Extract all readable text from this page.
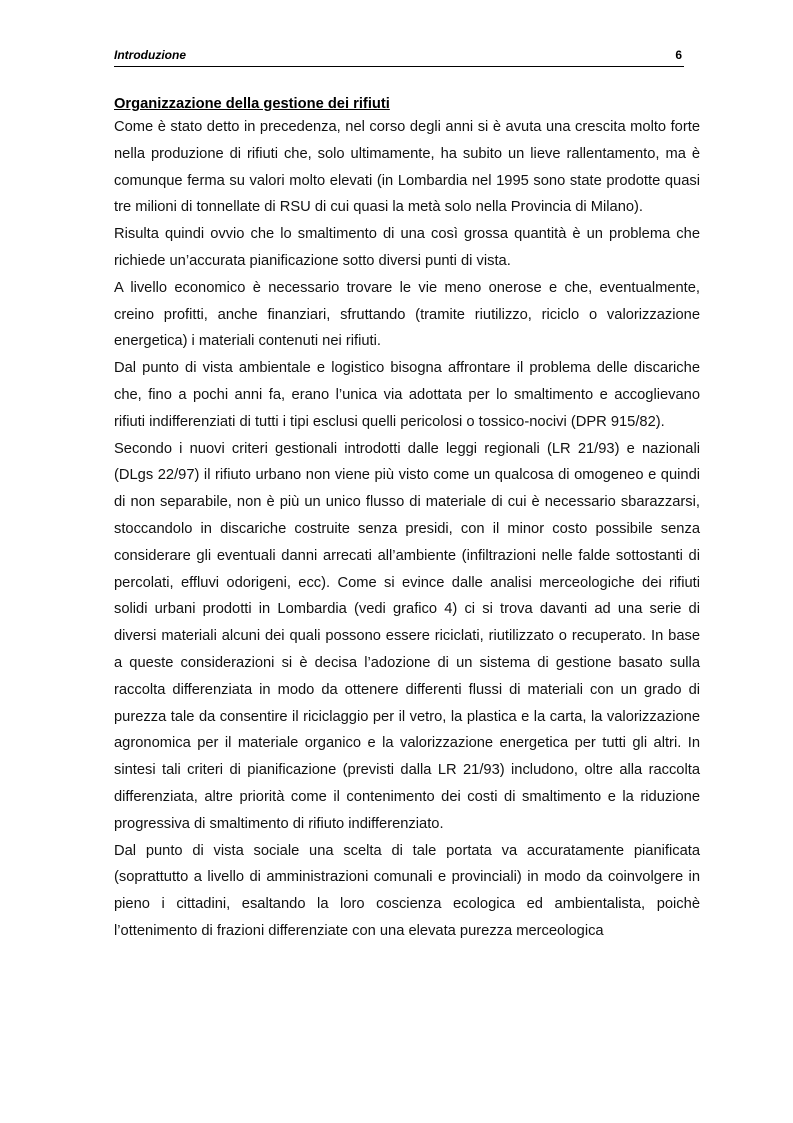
Introduzione	6
Organizzazione della gestione dei rifiuti

Come è stato detto in precedenza, nel corso degli anni si è avuta una crescita molto forte nella produzione di rifiuti che, solo ultimamente, ha subito un lieve rallentamento, ma è comunque ferma su valori molto elevati (in Lombardia nel 1995 sono state prodotte quasi tre milioni di tonnellate di RSU di cui quasi la metà solo nella Provincia di Milano).

Risulta quindi ovvio che lo smaltimento di una così grossa quantità è un problema che richiede un’accurata pianificazione sotto diversi punti di vista.

A livello economico è necessario trovare le vie meno onerose e che, eventualmente, creino profitti, anche finanziari, sfruttando (tramite riutilizzo, riciclo o valorizzazione energetica) i materiali contenuti nei rifiuti.

Dal punto di vista ambientale e logistico bisogna affrontare il problema delle discariche che, fino a pochi anni fa, erano l’unica via adottata per lo smaltimento e accoglievano rifiuti indifferenziati di tutti i tipi esclusi quelli pericolosi o tossico-nocivi (DPR 915/82).

Secondo i nuovi criteri gestionali introdotti dalle leggi regionali (LR 21/93) e nazionali (DLgs 22/97) il rifiuto urbano non viene più visto come un qualcosa di omogeneo e quindi di non separabile, non è più un unico flusso di materiale di cui è necessario sbarazzarsi, stoccandolo in discariche costruite senza presidi, con il minor costo possibile senza considerare gli eventuali danni arrecati all’ambiente (infiltrazioni nelle falde sottostanti di percolati, effluvi odorigeni, ecc). Come si evince dalle analisi merceologiche dei rifiuti solidi urbani prodotti in Lombardia (vedi grafico 4) ci si trova davanti ad una serie di diversi materiali alcuni dei quali possono essere riciclati, riutilizzato o recuperato. In base a queste considerazioni si è decisa l’adozione di un sistema di gestione basato sulla raccolta differenziata in modo da ottenere differenti flussi di materiali con un grado di purezza tale da consentire il riciclaggio per il vetro, la plastica e la carta, la valorizzazione agronomica per il materiale organico e la valorizzazione energetica per tutti gli altri. In sintesi tali criteri di pianificazione (previsti dalla LR 21/93) includono, oltre alla raccolta differenziata, altre priorità come il contenimento dei costi di smaltimento e la riduzione progressiva di smaltimento di rifiuto indifferenziato.

Dal punto di vista sociale una scelta di tale portata va accuratamente pianificata (soprattutto a livello di amministrazioni comunali e provinciali) in modo da coinvolgere in pieno i cittadini, esaltando la loro coscienza ecologica ed ambientalista, poichè l’ottenimento di frazioni differenziate con una elevata purezza merceologica
